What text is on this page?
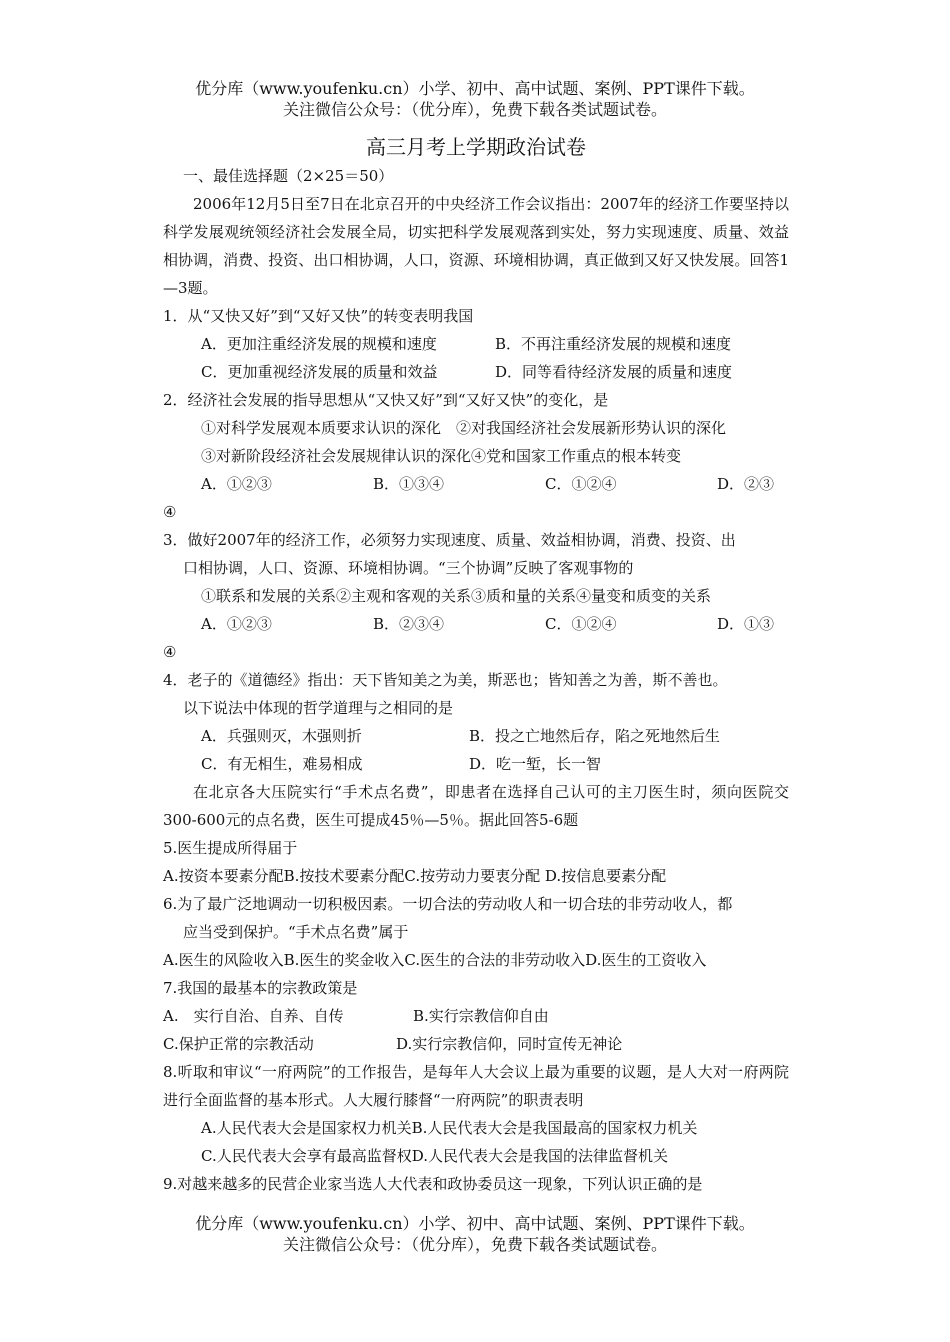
优分库（www.youfenku.cn）小学、初中、高中试题、案例、PPT课件下载。
关注微信公众号：（优分库），免费下载各类试题试卷。
高三月考上学期政治试卷
一、最佳选择题（2×25＝50）
2006年12月5日至7日在北京召开的中央经济工作会议指出：2007年的经济工作要坚持以科学发展观统领经济社会发展全局，切实把科学发展观落到实处，努力实现速度、质量、效益相协调，消费、投资、出口相协调，人口，资源、环境相协调，真正做到又好又快发展。回答1—3题。
1．从“又快又好”到“又好又快”的转变表明我国
A．更加注重经济发展的规模和速度	B．不再注重经济发展的规模和速度
C．更加重视经济发展的质量和效益	D．同等看待经济发展的质量和速度
2．经济社会发展的指导思想从“又快又好”到“又好又快”的变化，是
①对科学发展观本质要求认识的深化　②对我国经济社会发展新形势认识的深化
③对新阶段经济社会发展规律认识的深化④党和国家工作重点的根本转变
A．①②③	B．①③④	C．①②④	D．②③
④
3．做好2007年的经济工作，必须努力实现速度、质量、效益相协调，消费、投资、出
口相协调，人口、资源、环境相协调。“三个协调”反映了客观事物的
①联系和发展的关系②主观和客观的关系③质和量的关系④量变和质变的关系
A．①②③	B．②③④	C．①②④	D．①③
④
4．老子的《道德经》指出：天下皆知美之为美，斯恶也；皆知善之为善，斯不善也。
以下说法中体现的哲学道理与之相同的是
A．兵强则灭，木强则折	B．投之亡地然后存，陷之死地然后生
C．有无相生，难易相成	D．吃一堑，长一智
在北京各大压院实行“手术点名费”，即患者在选择自己认可的主刀医生时，须向医院交300-600元的点名费，医生可提成45％—5％。据此回答5-6题
5.医生提成所得届于
A.按资本要素分配B.按技术要素分配C.按劳动力要衷分配 D.按信息要素分配
6.为了最广泛地调动一切积极因素。一切合法的劳动收人和一切合珐的非劳动收人，都
应当受到保护。“手术点名费”属于
A.医生的风险收入B.医生的奖金收入C.医生的合法的非劳动收入D.医生的工资收入
7.我国的最基本的宗教政策是
A.　实行自治、自养、自传	B.实行宗教信仰自由
C.保护正常的宗教活动	D.实行宗教信仰，同时宣传无神论
8.听取和审议“一府两院”的工作报告，是每年人大会议上最为重要的议题，是人大对一府两院进行全面监督的基本形式。人大履行膝督“一府两院”的职责表明
A.人民代表大会是国家权力机关B.人民代表大会是我国最高的国家权力机关
C.人民代表大会享有最高监督权D.人民代表大会是我国的法律监督机关
9.对越来越多的民营企业家当选人大代表和政协委员这一现象，下列认识正确的是
优分库（www.youfenku.cn）小学、初中、高中试题、案例、PPT课件下载。
关注微信公众号：（优分库），免费下载各类试题试卷。
